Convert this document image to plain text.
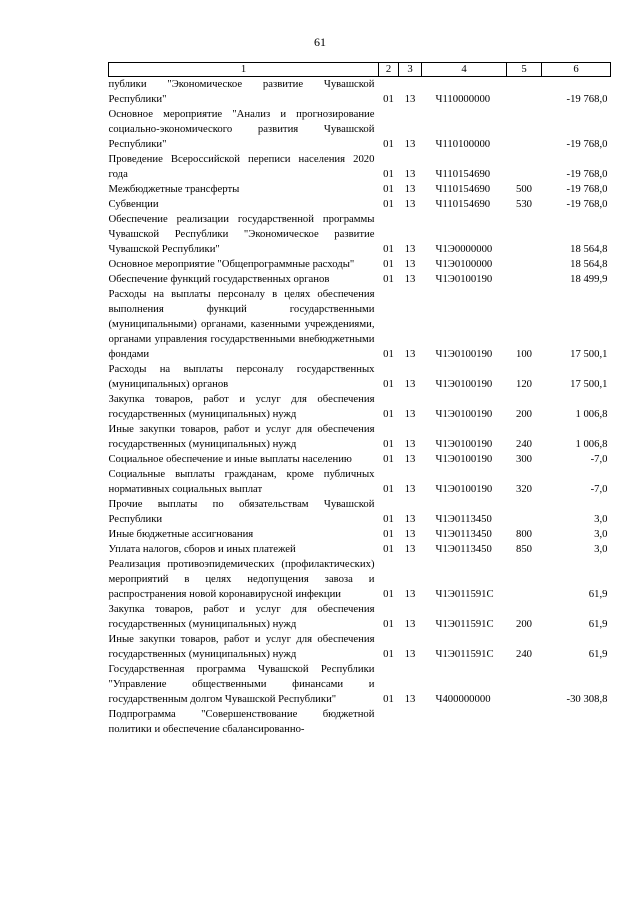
61
1	2	3	4	5	6
публики "Экономическое развитие Чувашской Республики"	01	13	Ч110000000		-19 768,0
Основное мероприятие "Анализ и прогнозирование социально-экономического развития Чувашской Республики"	01	13	Ч110100000		-19 768,0
Проведение Всероссийской переписи населения 2020 года	01	13	Ч110154690		-19 768,0
Межбюджетные трансферты	01	13	Ч110154690	500	-19 768,0
Субвенции	01	13	Ч110154690	530	-19 768,0
Обеспечение реализации государственной программы Чувашской Республики "Экономическое развитие Чувашской Республики"	01	13	Ч1Э0000000		18 564,8
Основное мероприятие "Общепрограммные расходы"	01	13	Ч1Э0100000		18 564,8
Обеспечение функций государственных органов	01	13	Ч1Э0100190		18 499,9
Расходы на выплаты персоналу в целях обеспечения выполнения функций государственными (муниципальными) органами, казенными учреждениями, органами управления государственными внебюджетными фондами	01	13	Ч1Э0100190	100	17 500,1
Расходы на выплаты персоналу государственных (муниципальных) органов	01	13	Ч1Э0100190	120	17 500,1
Закупка товаров, работ и услуг для обеспечения государственных (муниципальных) нужд	01	13	Ч1Э0100190	200	1 006,8
Иные закупки товаров, работ и услуг для обеспечения государственных (муниципальных) нужд	01	13	Ч1Э0100190	240	1 006,8
Социальное обеспечение и иные выплаты населению	01	13	Ч1Э0100190	300	-7,0
Социальные выплаты гражданам, кроме публичных нормативных социальных выплат	01	13	Ч1Э0100190	320	-7,0
Прочие выплаты по обязательствам Чувашской Республики	01	13	Ч1Э0113450		3,0
Иные бюджетные ассигнования	01	13	Ч1Э0113450	800	3,0
Уплата налогов, сборов и иных платежей	01	13	Ч1Э0113450	850	3,0
Реализация противоэпидемических (профилактических) мероприятий в целях недопущения завоза и распространения новой коронавирусной инфекции	01	13	Ч1Э011591С		61,9
Закупка товаров, работ и услуг для обеспечения государственных (муниципальных) нужд	01	13	Ч1Э011591С	200	61,9
Иные закупки товаров, работ и услуг для обеспечения государственных (муниципальных) нужд	01	13	Ч1Э011591С	240	61,9
Государственная программа Чувашской Республики "Управление общественными финансами и государственным долгом Чувашской Республики"	01	13	Ч400000000		-30 308,8
Подпрограмма "Совершенствование бюджетной политики и обеспечение сбалансированно-					
